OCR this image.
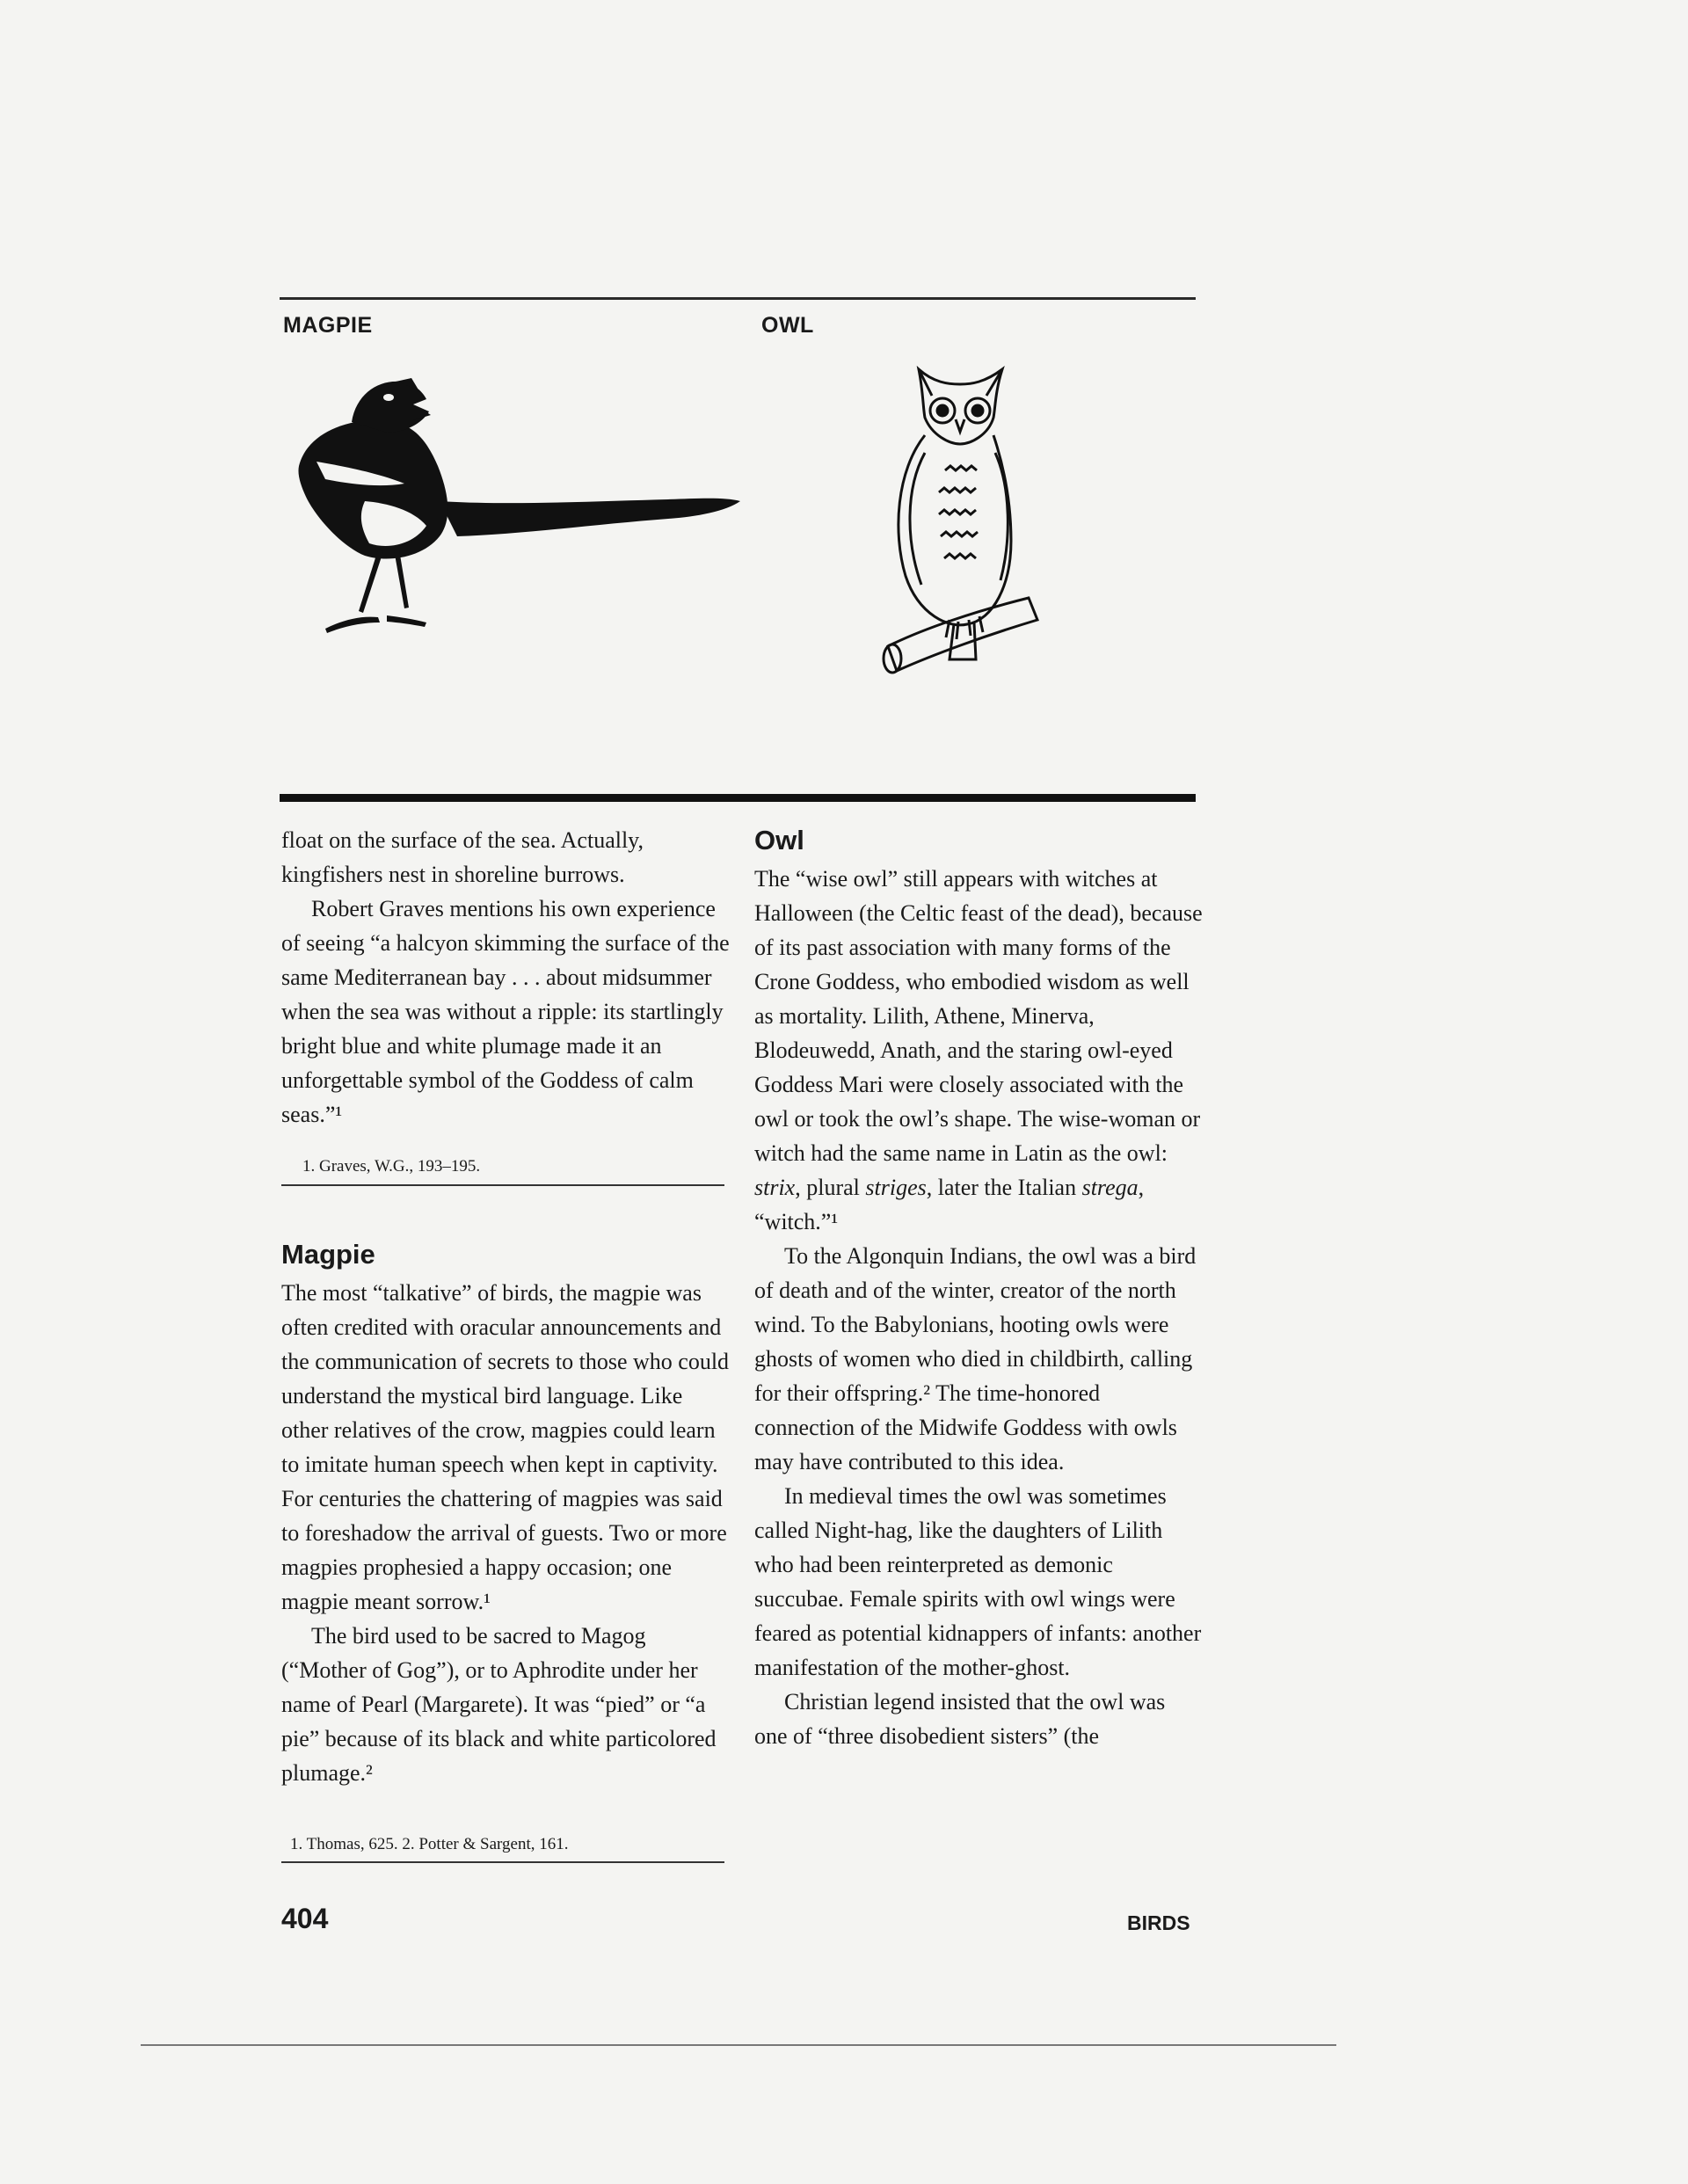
MAGPIE	OWL

float on the surface of the sea. Actually, kingfishers nest in shoreline burrows.

Robert Graves mentions his own experience of seeing “a halcyon skimming the surface of the same Mediterranean bay . . . about midsummer when the sea was without a ripple: its startlingly bright blue and white plumage made it an unforgettable symbol of the Goddess of calm seas.”¹

1. Graves, W.G., 193–195.
Magpie

The most “talkative” of birds, the magpie was often credited with oracular announcements and the communication of secrets to those who could understand the mystical bird language. Like other relatives of the crow, magpies could learn to imitate human speech when kept in captivity. For centuries the chattering of magpies was said to foreshadow the arrival of guests. Two or more magpies prophesied a happy occasion; one magpie meant sorrow.¹

The bird used to be sacred to Magog (“Mother of Gog”), or to Aphrodite under her name of Pearl (Margarete). It was “pied” or “a pie” because of its black and white particolored plumage.²

1. Thomas, 625. 2. Potter & Sargent, 161.
Owl

The “wise owl” still appears with witches at Halloween (the Celtic feast of the dead), because of its past association with many forms of the Crone Goddess, who embodied wisdom as well as mortality. Lilith, Athene, Minerva, Blodeuwedd, Anath, and the staring owl-eyed Goddess Mari were closely associated with the owl or took the owl’s shape. The wise-woman or witch had the same name in Latin as the owl: strix, plural striges, later the Italian strega, “witch.”¹

To the Algonquin Indians, the owl was a bird of death and of the winter, creator of the north wind. To the Babylonians, hooting owls were ghosts of women who died in childbirth, calling for their offspring.² The time-honored connection of the Midwife Goddess with owls may have contributed to this idea.

In medieval times the owl was sometimes called Night-hag, like the daughters of Lilith who had been reinterpreted as demonic succubae. Female spirits with owl wings were feared as potential kidnappers of infants: another manifestation of the mother-ghost.

Christian legend insisted that the owl was one of “three disobedient sisters” (the

404	BIRDS
